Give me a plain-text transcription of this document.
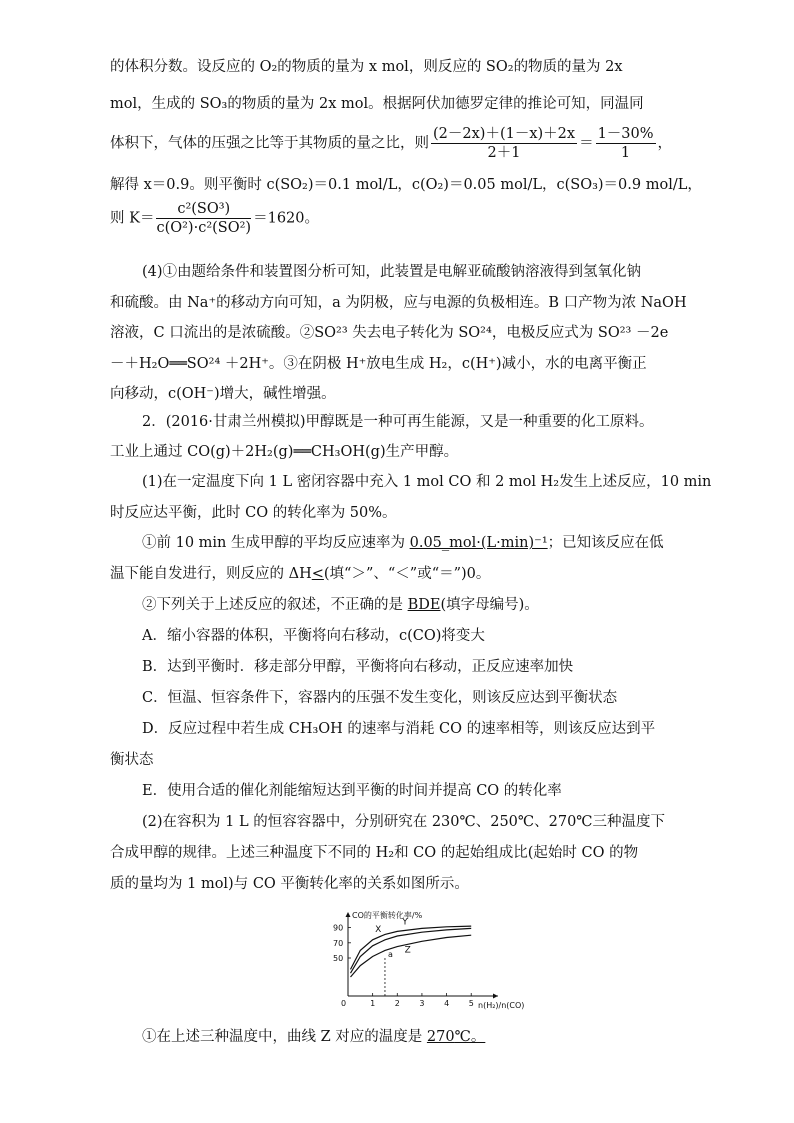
的体积分数。设反应的 O₂的物质的量为 x mol，则反应的 SO₂的物质的量为 2x
mol，生成的 SO₃的物质的量为 2x mol。根据阿伏加德罗定律的推论可知，同温同
体积下，气体的压强之比等于其物质的量之比，则 $\frac{(2-2x)+(1-x)+2x}{2+1} = \frac{1-30\%}{1}$ ，
解得 x＝0.9。则平衡时 c(SO₂)＝0.1 mol/L，c(O₂)＝0.05 mol/L，c(SO₃)＝0.9 mol/L，
则 $K= \frac{\text{c²(SO³)}}{\text{c(O²)·c²(SO²)}} =1620$。
(4)①由题给条件和装置图分析可知，此装置是电解亚硫酸钠溶液得到氢氧化钠
和硫酸。由 Na⁺的移动方向可知，a 为阴极，应与电源的负极相连。B 口产物为浓 NaOH
溶液，C 口流出的是浓硫酸。②SO²³ 失去电子转化为 SO²⁴，电极反应式为 SO²³ －2e
－＋H₂O══SO²⁴ ＋2H⁺。③在阴极 H⁺放电生成 H₂，c(H⁺)减小，水的电离平衡正
向移动，c(OH⁻)增大，碱性增强。
2．(2016·甘肃兰州模拟)甲醇既是一种可再生能源，又是一种重要的化工原料。
工业上通过 CO(g)＋2H₂(g)══CH₃OH(g)生产甲醇。
(1)在一定温度下向 1 L 密闭容器中充入 1 mol CO 和 2 mol H₂发生上述反应，10 min
时反应达平衡，此时 CO 的转化率为 50%。
①前 10 min 生成甲醇的平均反应速率为 0.05_mol·(L·min)⁻¹；已知该反应在低
温下能自发进行，则反应的 ΔH<(填“＞”、“＜”或“＝”)0。
②下列关于上述反应的叙述，不正确的是 BDE(填字母编号)。
A．缩小容器的体积，平衡将向右移动，c(CO)将变大
B．达到平衡时．移走部分甲醇，平衡将向右移动，正反应速率加快
C．恒温、恒容条件下，容器内的压强不发生变化，则该反应达到平衡状态
D．反应过程中若生成 CH₃OH 的速率与消耗 CO 的速率相等，则该反应达到平
衡状态
E．使用合适的催化剂能缩短达到平衡的时间并提高 CO 的转化率
(2)在容积为 1 L 的恒容容器中，分别研究在 230℃、250℃、270℃三种温度下
合成甲醇的规律。上述三种温度下不同的 H₂和 CO 的起始组成比(起始时 CO 的物
质的量均为 1 mol)与 CO 平衡转化率的关系如图所示。
CO的平衡转化率/%
n(H₂)/n(CO)
0	1 2 3 4 5
50
70
90	X
Y
Z
a
①在上述三种温度中，曲线 Z 对应的温度是 270℃。
